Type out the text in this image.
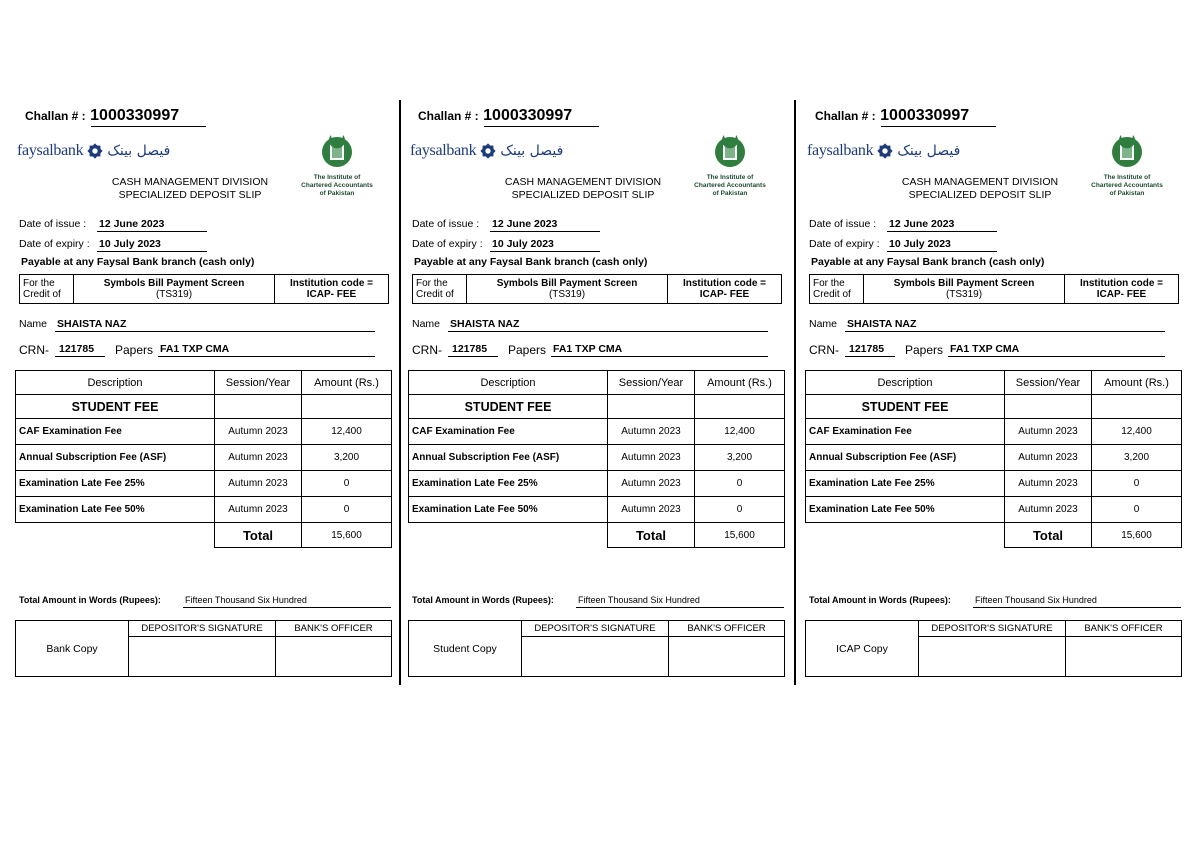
Challan # : 1000330997
faysalbank فیصل بینک
The Institute of
Chartered Accountants
of Pakistan
CASH MANAGEMENT DIVISION
SPECIALIZED DEPOSIT SLIP
Date of issue : 12 June 2023
Date of expiry : 10 July 2023
Payable at any Faysal Bank branch (cash only)
For the
Credit of

Symbols Bill Payment Screen
(TS319)

Institution code =
ICAP- FEE
Name SHAISTA NAZ
CRN- 121785 Papers FA1 TXP CMA
Description	Session/Year	Amount (Rs.)
STUDENT FEE		
CAF Examination Fee	Autumn 2023	12,400
Annual Subscription Fee (ASF)	Autumn 2023	3,200
Examination Late Fee 25%	Autumn 2023	0
Examination Late Fee 50%	Autumn 2023	0
	Total	15,600
Total Amount in Words (Rupees):	Fifteen Thousand Six Hundred
Bank Copy	DEPOSITOR'S SIGNATURE	BANK'S OFFICER

Challan # : 1000330997
faysalbank فیصل بینک
The Institute of
Chartered Accountants
of Pakistan
CASH MANAGEMENT DIVISION
SPECIALIZED DEPOSIT SLIP
Date of issue : 12 June 2023
Date of expiry : 10 July 2023
Payable at any Faysal Bank branch (cash only)
For the
Credit of

Symbols Bill Payment Screen
(TS319)

Institution code =
ICAP- FEE
Name SHAISTA NAZ
CRN- 121785 Papers FA1 TXP CMA
Description	Session/Year	Amount (Rs.)
STUDENT FEE		
CAF Examination Fee	Autumn 2023	12,400
Annual Subscription Fee (ASF)	Autumn 2023	3,200
Examination Late Fee 25%	Autumn 2023	0
Examination Late Fee 50%	Autumn 2023	0
	Total	15,600
Total Amount in Words (Rupees):	Fifteen Thousand Six Hundred
Student Copy	DEPOSITOR'S SIGNATURE	BANK'S OFFICER

Challan # : 1000330997
faysalbank فیصل بینک
The Institute of
Chartered Accountants
of Pakistan
CASH MANAGEMENT DIVISION
SPECIALIZED DEPOSIT SLIP
Date of issue : 12 June 2023
Date of expiry : 10 July 2023
Payable at any Faysal Bank branch (cash only)
For the
Credit of

Symbols Bill Payment Screen
(TS319)

Institution code =
ICAP- FEE
Name SHAISTA NAZ
CRN- 121785 Papers FA1 TXP CMA
Description	Session/Year	Amount (Rs.)
STUDENT FEE		
CAF Examination Fee	Autumn 2023	12,400
Annual Subscription Fee (ASF)	Autumn 2023	3,200
Examination Late Fee 25%	Autumn 2023	0
Examination Late Fee 50%	Autumn 2023	0
	Total	15,600
Total Amount in Words (Rupees):	Fifteen Thousand Six Hundred
ICAP Copy	DEPOSITOR'S SIGNATURE	BANK'S OFFICER
